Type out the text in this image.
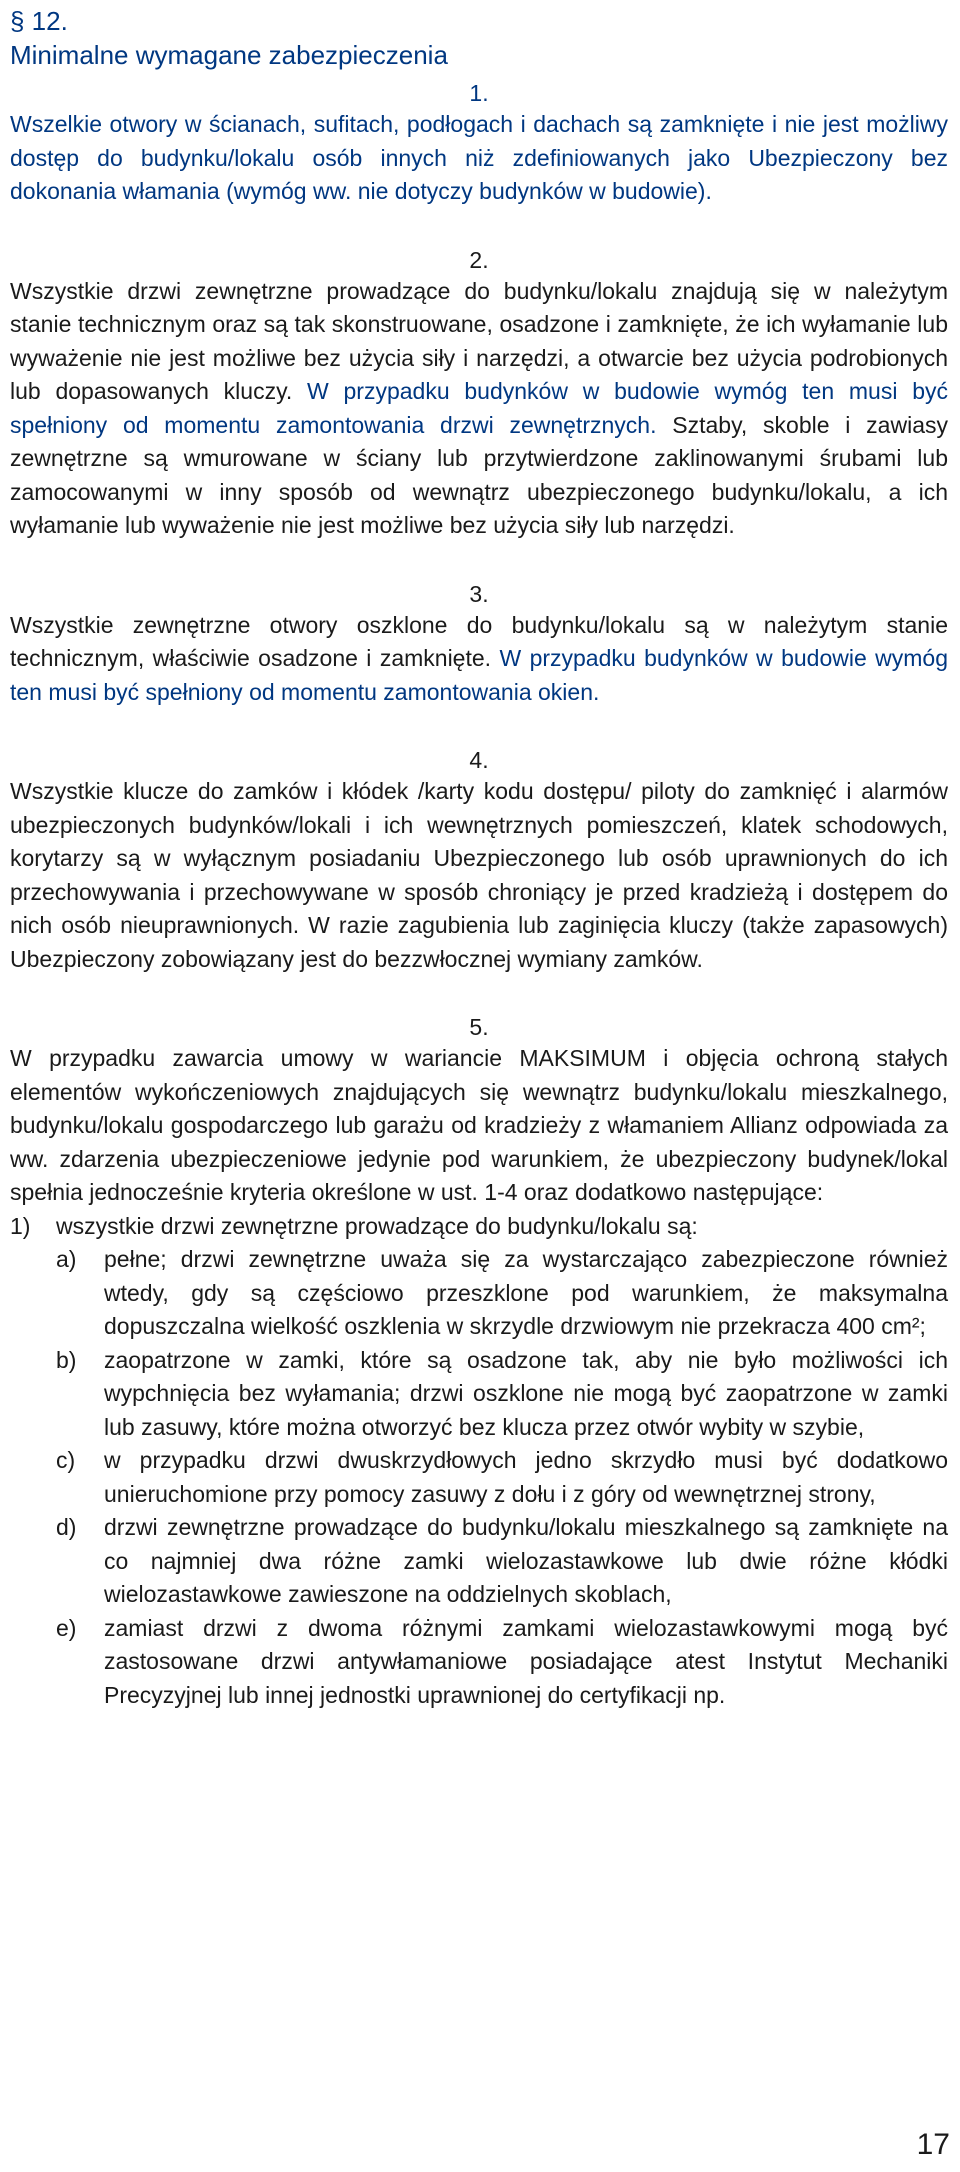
§ 12.
Minimalne wymagane zabezpieczenia
1.

Wszelkie otwory w ścianach, sufitach, podłogach i dachach są zamknięte i nie jest możliwy dostęp do budynku/lokalu osób innych niż zdefiniowanych jako Ubezpieczony bez dokonania włamania (wymóg ww. nie dotyczy budynków w budowie).

2.

Wszystkie drzwi zewnętrzne prowadzące do budynku/lokalu znajdują się w należytym stanie technicznym oraz są tak skonstruowane, osadzone i zamknięte, że ich wyłamanie lub wyważenie nie jest możliwe bez użycia siły i narzędzi, a otwarcie bez użycia podrobionych lub dopasowanych kluczy. W przypadku budynków w budowie wymóg ten musi być spełniony od momentu zamontowania drzwi zewnętrznych. Sztaby, skoble i zawiasy zewnętrzne są wmurowane w ściany lub przytwierdzone zaklinowanymi śrubami lub zamocowanymi w inny sposób od wewnątrz ubezpieczonego budynku/lokalu, a ich wyłamanie lub wyważenie nie jest możliwe bez użycia siły lub narzędzi.

3.

Wszystkie zewnętrzne otwory oszklone do budynku/lokalu są w należytym stanie technicznym, właściwie osadzone i zamknięte. W przypadku budynków w budowie wymóg ten musi być spełniony od momentu zamontowania okien.

4.

Wszystkie klucze do zamków i kłódek /karty kodu dostępu/ piloty do zamknięć i alarmów ubezpieczonych budynków/lokali i ich wewnętrznych pomieszczeń, klatek schodowych, korytarzy są w wyłącznym posiadaniu Ubezpieczonego lub osób uprawnionych do ich przechowywania i przechowywane w sposób chroniący je przed kradzieżą i dostępem do nich osób nieuprawnionych. W razie zagubienia lub zaginięcia kluczy (także zapasowych) Ubezpieczony zobowiązany jest do bezzwłocznej wymiany zamków.

5.

W przypadku zawarcia umowy w wariancie MAKSIMUM i objęcia ochroną stałych elementów wykończeniowych znajdujących się wewnątrz budynku/lokalu mieszkalnego, budynku/lokalu gospodarczego lub garażu od kradzieży z włamaniem Allianz odpowiada za ww. zdarzenia ubezpieczeniowe jedynie pod warunkiem, że ubezpieczony budynek/lokal spełnia jednocześnie kryteria określone w ust. 1-4 oraz dodatkowo następujące:

1)	wszystkie drzwi zewnętrzne prowadzące do budynku/lokalu są:
a)	pełne; drzwi zewnętrzne uważa się za wystarczająco zabezpieczone również wtedy, gdy są częściowo przeszklone pod warunkiem, że maksymalna dopuszczalna wielkość oszklenia w skrzydle drzwiowym nie przekracza 400 cm²;
b)	zaopatrzone w zamki, które są osadzone tak, aby nie było możliwości ich wypchnięcia bez wyłamania; drzwi oszklone nie mogą być zaopatrzone w zamki lub zasuwy, które można otworzyć bez klucza przez otwór wybity w szybie,
c)	w przypadku drzwi dwuskrzydłowych jedno skrzydło musi być dodatkowo unieruchomione przy pomocy zasuwy z dołu i z góry od wewnętrznej strony,
d)	drzwi zewnętrzne prowadzące do budynku/lokalu mieszkalnego są zamknięte na co najmniej dwa różne zamki wielozastawkowe lub dwie różne kłódki wielozastawkowe zawieszone na oddzielnych skoblach,
e)	zamiast drzwi z dwoma różnymi zamkami wielozastawkowymi mogą być zastosowane drzwi antywłamaniowe posiadające atest Instytut Mechaniki Precyzyjnej lub innej jednostki uprawnionej do certyfikacji np.
17
